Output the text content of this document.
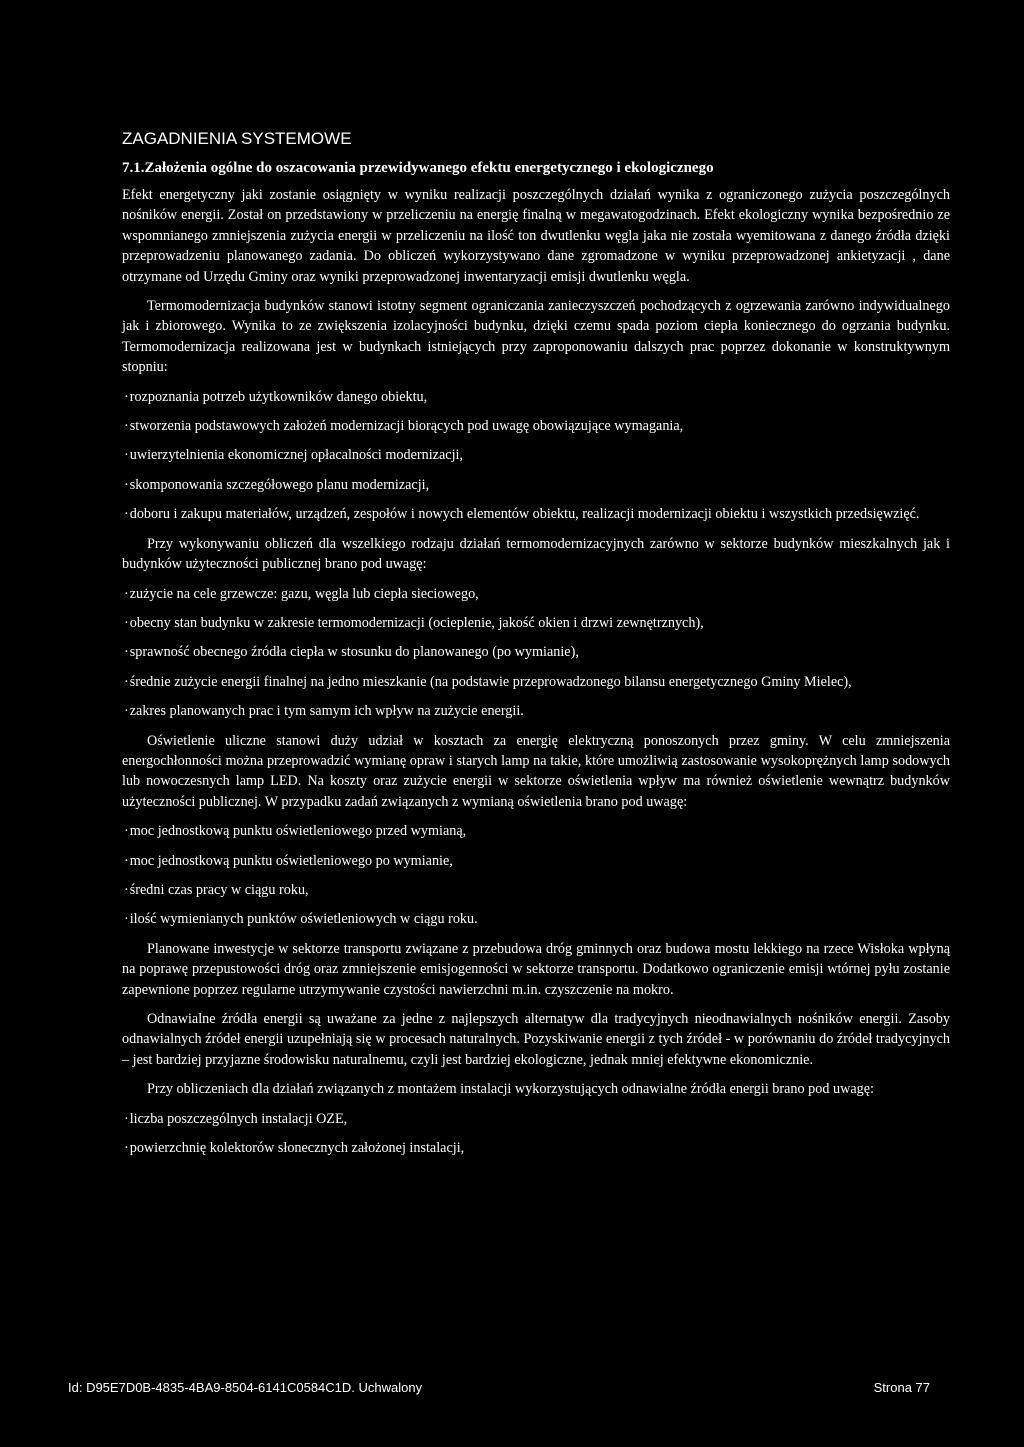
ZAGADNIENIA SYSTEMOWE
7.1.Założenia ogólne do oszacowania przewidywanego efektu energetycznego i ekologicznego

Efekt energetyczny jaki zostanie osiągnięty w wyniku realizacji poszczególnych działań wynika z ograniczonego zużycia poszczególnych nośników energii. Został on przedstawiony w przeliczeniu na energię finalną w megawatogodzinach. Efekt ekologiczny wynika bezpośrednio ze wspomnianego zmniejszenia zużycia energii w przeliczeniu na ilość ton dwutlenku węgla jaka nie została wyemitowana z danego źródła dzięki przeprowadzeniu planowanego zadania. Do obliczeń wykorzystywano dane zgromadzone w wyniku przeprowadzonej ankietyzacji , dane otrzymane od Urzędu Gminy oraz wyniki przeprowadzonej inwentaryzacji emisji dwutlenku węgla.

Termomodernizacja budynków stanowi istotny segment ograniczania zanieczyszczeń pochodzących z ogrzewania zarówno indywidualnego jak i zbiorowego. Wynika to ze zwiększenia izolacyjności budynku, dzięki czemu spada poziom ciepła koniecznego do ogrzania budynku. Termomodernizacja realizowana jest w budynkach istniejących przy zaproponowaniu dalszych prac poprzez dokonanie w konstruktywnym stopniu:

·rozpoznania potrzeb użytkowników danego obiektu,

·stworzenia podstawowych założeń modernizacji biorących pod uwagę obowiązujące wymagania,

·uwierzytelnienia ekonomicznej opłacalności modernizacji,

·skomponowania szczegółowego planu modernizacji,

·doboru i zakupu materiałów, urządzeń, zespołów i nowych elementów obiektu, realizacji modernizacji obiektu i wszystkich przedsięwzięć.

Przy wykonywaniu obliczeń dla wszelkiego rodzaju działań termomodernizacyjnych zarówno w sektorze budynków mieszkalnych jak i budynków użyteczności publicznej brano pod uwagę:

·zużycie na cele grzewcze: gazu, węgla lub ciepła sieciowego,

·obecny stan budynku w zakresie termomodernizacji (ocieplenie, jakość okien i drzwi zewnętrznych),

·sprawność obecnego źródła ciepła w stosunku do planowanego (po wymianie),

·średnie zużycie energii finalnej na jedno mieszkanie (na podstawie przeprowadzonego bilansu energetycznego Gminy Mielec),

·zakres planowanych prac i tym samym ich wpływ na zużycie energii.

Oświetlenie uliczne stanowi duży udział w kosztach za energię elektryczną ponoszonych przez gminy. W celu zmniejszenia energochłonności można przeprowadzić wymianę opraw i starych lamp na takie, które umożliwią zastosowanie wysokoprężnych lamp sodowych lub nowoczesnych lamp LED. Na koszty oraz zużycie energii w sektorze oświetlenia wpływ ma również oświetlenie wewnątrz budynków użyteczności publicznej. W przypadku zadań związanych z wymianą oświetlenia brano pod uwagę:

·moc jednostkową punktu oświetleniowego przed wymianą,

·moc jednostkową punktu oświetleniowego po wymianie,

·średni czas pracy w ciągu roku,

·ilość wymienianych punktów oświetleniowych w ciągu roku.

Planowane inwestycje w sektorze transportu związane z przebudowa dróg gminnych oraz budowa mostu lekkiego na rzece Wisłoka wpłyną na poprawę przepustowości dróg oraz zmniejszenie emisjogenności w sektorze transportu. Dodatkowo ograniczenie emisji wtórnej pyłu zostanie zapewnione poprzez regularne utrzymywanie czystości nawierzchni m.in. czyszczenie na mokro.

Odnawialne źródła energii są uważane za jedne z najlepszych alternatyw dla tradycyjnych nieodnawialnych nośników energii. Zasoby odnawialnych źródeł energii uzupełniają się w procesach naturalnych. Pozyskiwanie energii z tych źródeł - w porównaniu do źródeł tradycyjnych – jest bardziej przyjazne środowisku naturalnemu, czyli jest bardziej ekologiczne, jednak mniej efektywne ekonomicznie.

Przy obliczeniach dla działań związanych z montażem instalacji wykorzystujących odnawialne źródła energii brano pod uwagę:

·liczba poszczególnych instalacji OZE,

·powierzchnię kolektorów słonecznych założonej instalacji,

Id: D95E7D0B-4835-4BA9-8504-6141C0584C1D. Uchwalony	Strona 77
